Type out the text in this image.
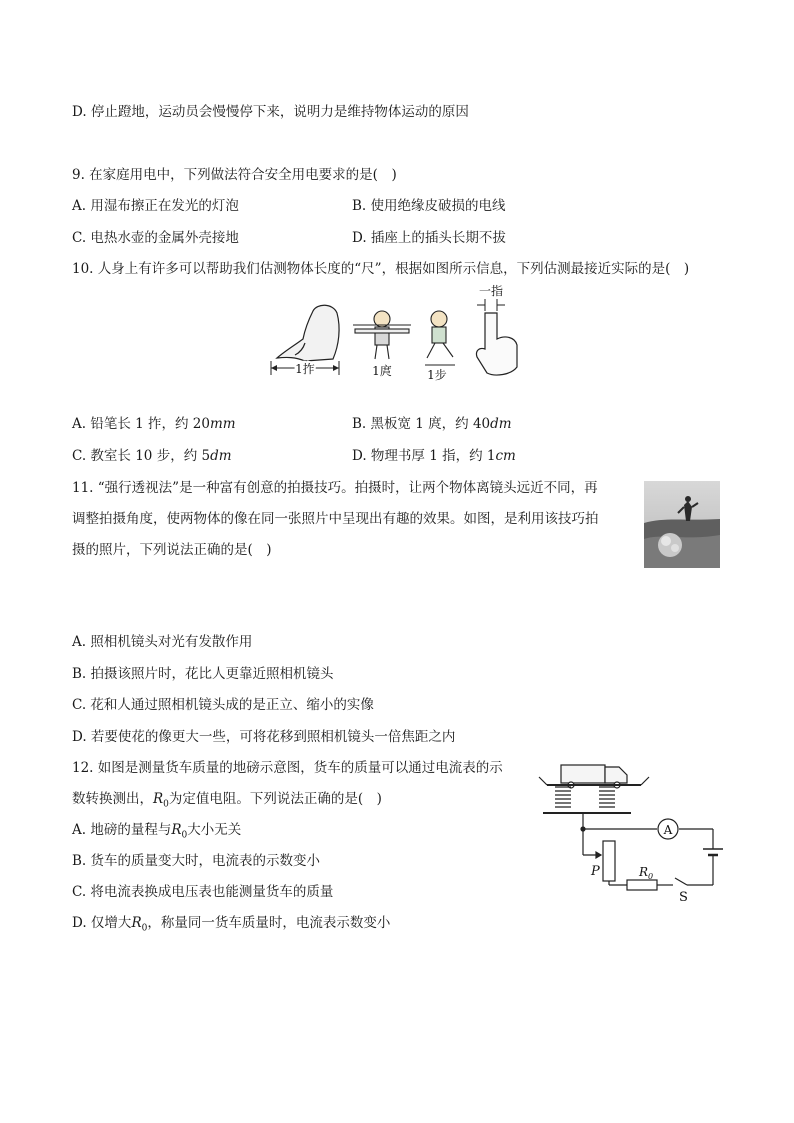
D. 停止蹬地，运动员会慢慢停下来，说明力是维持物体运动的原因
9. 在家庭用电中，下列做法符合安全用电要求的是(　)
A. 用湿布擦正在发光的灯泡	B. 使用绝缘皮破损的电线
C. 电热水壶的金属外壳接地	D. 插座上的插头长期不拔
10. 人身上有许多可以帮助我们估测物体长度的“尺”，根据如图所示信息，下列估测最接近实际的是(　)
1拃	1庹	1步
一指
A. 铅笔长 1 拃，约 20mm	B. 黑板宽 1 庹，约 40dm
C. 教室长 10 步，约 5dm	D. 物理书厚 1 指，约 1cm
11. “强行透视法”是一种富有创意的拍摄技巧。拍摄时，让两个物体离镜头远近不同，再
调整拍摄角度，使两物体的像在同一张照片中呈现出有趣的效果。如图，是利用该技巧拍
摄的照片，下列说法正确的是(　)
A. 照相机镜头对光有发散作用
B. 拍摄该照片时，花比人更靠近照相机镜头
C. 花和人通过照相机镜头成的是正立、缩小的实像
D. 若要使花的像更大一些，可将花移到照相机镜头一倍焦距之内
12. 如图是测量货车质量的地磅示意图，货车的质量可以通过电流表的示
数转换测出，$R_0$为定值电阻。下列说法正确的是(　)
A. 地磅的量程与$R_0$大小无关
B. 货车的质量变大时，电流表的示数变小
C. 将电流表换成电压表也能测量货车的质量
D. 仅增大$R_0$，称量同一货车质量时，电流表示数变小
A
P	$R_0$
S
